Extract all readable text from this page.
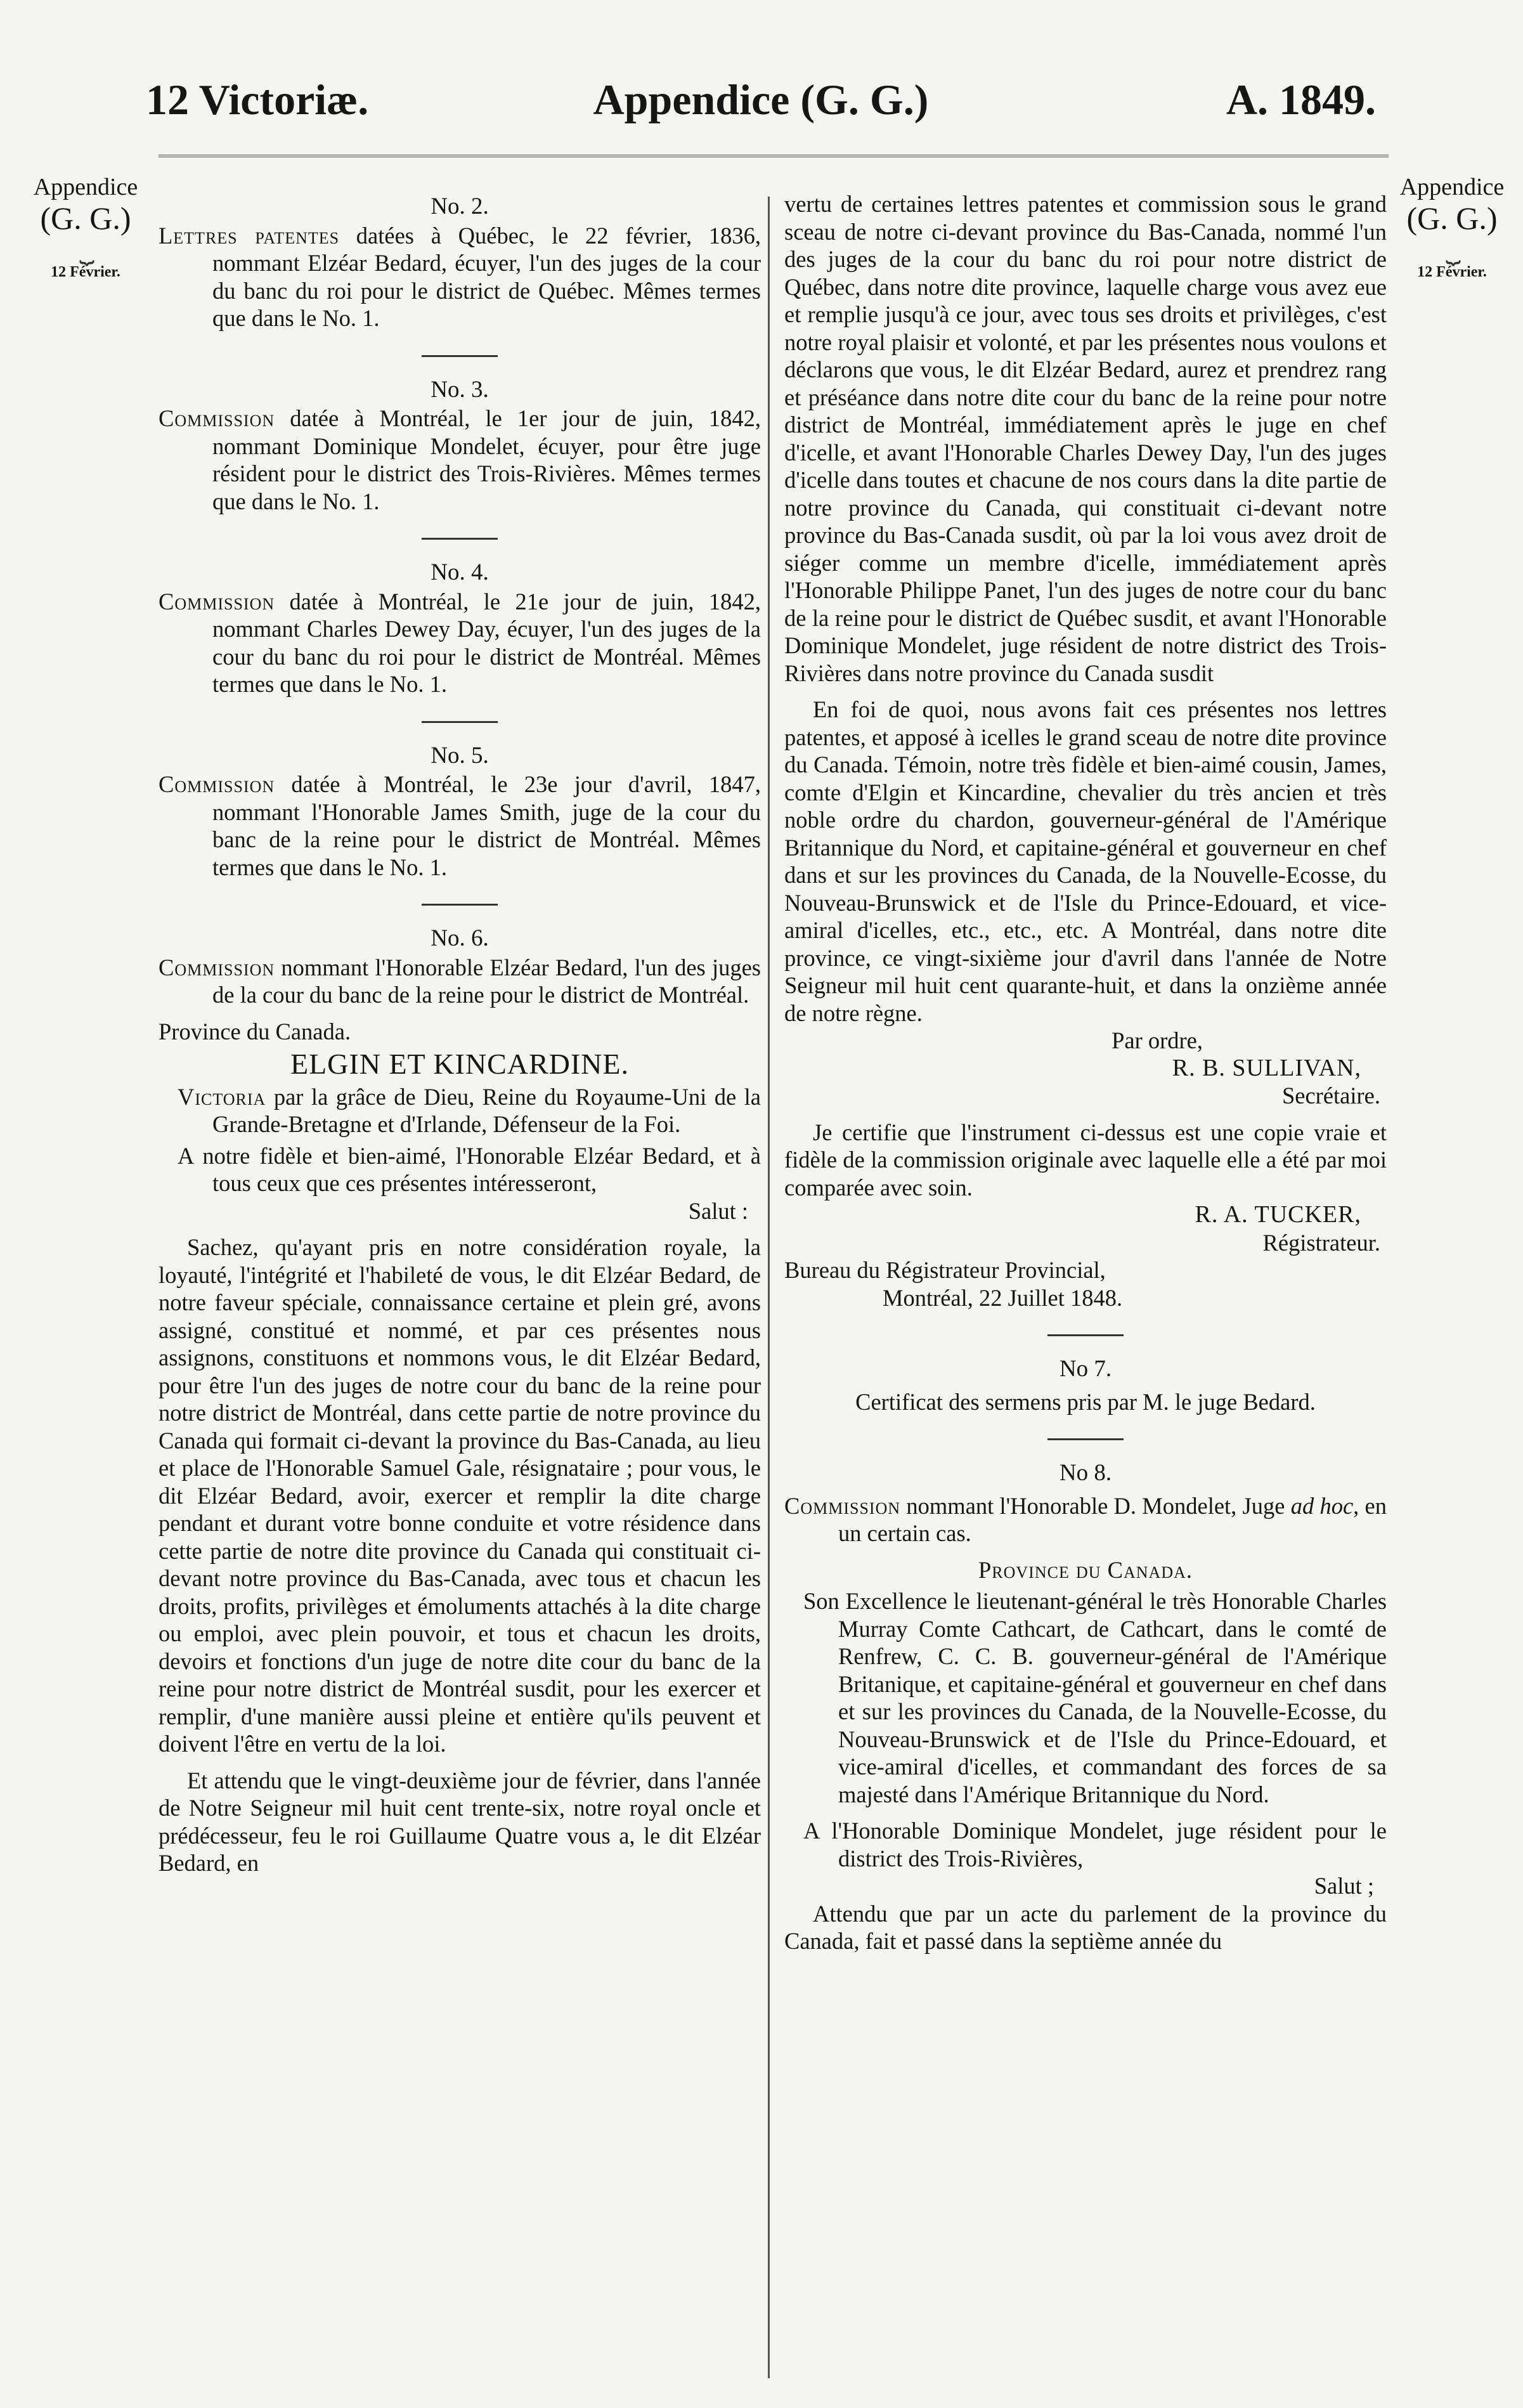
12 Victoriæ.	Appendice (G. G.)	A. 1849.
Appendice
(G. G.)
⏟
12 Février.
Appendice
(G. G.)
⏟
12 Février.

No. 2.

Lettres patentes datées à Québec, le 22 février, 1836, nommant Elzéar Bedard, écuyer, l'un des juges de la cour du banc du roi pour le district de Québec. Mêmes termes que dans le No. 1.

No. 3.

Commission datée à Montréal, le 1er jour de juin, 1842, nommant Dominique Mondelet, écuyer, pour être juge résident pour le district des Trois-Rivières. Mêmes termes que dans le No. 1.

No. 4.

Commission datée à Montréal, le 21e jour de juin, 1842, nommant Charles Dewey Day, écuyer, l'un des juges de la cour du banc du roi pour le district de Montréal. Mêmes termes que dans le No. 1.

No. 5.

Commission datée à Montréal, le 23e jour d'avril, 1847, nommant l'Honorable James Smith, juge de la cour du banc de la reine pour le district de Montréal. Mêmes termes que dans le No. 1.

No. 6.

Commission nommant l'Honorable Elzéar Bedard, l'un des juges de la cour du banc de la reine pour le district de Montréal.

Province du Canada.

ELGIN ET KINCARDINE.

Victoria par la grâce de Dieu, Reine du Royaume-Uni de la Grande-Bretagne et d'Irlande, Défenseur de la Foi.

A notre fidèle et bien-aimé, l'Honorable Elzéar Bedard, et à tous ceux que ces présentes intéresseront,

Salut :

Sachez, qu'ayant pris en notre considération royale, la loyauté, l'intégrité et l'habileté de vous, le dit Elzéar Bedard, de notre faveur spéciale, connaissance certaine et plein gré, avons assigné, constitué et nommé, et par ces présentes nous assignons, constituons et nommons vous, le dit Elzéar Bedard, pour être l'un des juges de notre cour du banc de la reine pour notre district de Montréal, dans cette partie de notre province du Canada qui formait ci-devant la province du Bas-Canada, au lieu et place de l'Honorable Samuel Gale, résignataire ; pour vous, le dit Elzéar Bedard, avoir, exercer et remplir la dite charge pendant et durant votre bonne conduite et votre résidence dans cette partie de notre dite province du Canada qui constituait ci-devant notre province du Bas-Canada, avec tous et chacun les droits, profits, privilèges et émoluments attachés à la dite charge ou emploi, avec plein pouvoir, et tous et chacun les droits, devoirs et fonctions d'un juge de notre dite cour du banc de la reine pour notre district de Montréal susdit, pour les exercer et remplir, d'une manière aussi pleine et entière qu'ils peuvent et doivent l'être en vertu de la loi.

Et attendu que le vingt-deuxième jour de février, dans l'année de Notre Seigneur mil huit cent trente-six, notre royal oncle et prédécesseur, feu le roi Guillaume Quatre vous a, le dit Elzéar Bedard, en

vertu de certaines lettres patentes et commission sous le grand sceau de notre ci-devant province du Bas-Canada, nommé l'un des juges de la cour du banc du roi pour notre district de Québec, dans notre dite province, laquelle charge vous avez eue et remplie jusqu'à ce jour, avec tous ses droits et privilèges, c'est notre royal plaisir et volonté, et par les présentes nous voulons et déclarons que vous, le dit Elzéar Bedard, aurez et prendrez rang et préséance dans notre dite cour du banc de la reine pour notre district de Montréal, immédiatement après le juge en chef d'icelle, et avant l'Honorable Charles Dewey Day, l'un des juges d'icelle dans toutes et chacune de nos cours dans la dite partie de notre province du Canada, qui constituait ci-devant notre province du Bas-Canada susdit, où par la loi vous avez droit de siéger comme un membre d'icelle, immédiatement après l'Honorable Philippe Panet, l'un des juges de notre cour du banc de la reine pour le district de Québec susdit, et avant l'Honorable Dominique Mondelet, juge résident de notre district des Trois-Rivières dans notre province du Canada susdit

En foi de quoi, nous avons fait ces présentes nos lettres patentes, et apposé à icelles le grand sceau de notre dite province du Canada. Témoin, notre très fidèle et bien-aimé cousin, James, comte d'Elgin et Kincardine, chevalier du très ancien et très noble ordre du chardon, gouverneur-général de l'Amérique Britannique du Nord, et capitaine-général et gouverneur en chef dans et sur les provinces du Canada, de la Nouvelle-Ecosse, du Nouveau-Brunswick et de l'Isle du Prince-Edouard, et vice-amiral d'icelles, etc., etc., etc. A Montréal, dans notre dite province, ce vingt-sixième jour d'avril dans l'année de Notre Seigneur mil huit cent quarante-huit, et dans la onzième année de notre règne.

Par ordre,

R. B. SULLIVAN,

Secrétaire.

Je certifie que l'instrument ci-dessus est une copie vraie et fidèle de la commission originale avec laquelle elle a été par moi comparée avec soin.

R. A. TUCKER,

Régistrateur.

Bureau du Régistrateur Provincial,

Montréal, 22 Juillet 1848.

No 7.

Certificat des sermens pris par M. le juge Bedard.

No 8.

Commission nommant l'Honorable D. Mondelet, Juge ad hoc, en un certain cas.

Province du Canada.

Son Excellence le lieutenant-général le très Honorable Charles Murray Comte Cathcart, de Cathcart, dans le comté de Renfrew, C. C. B. gouverneur-général de l'Amérique Britanique, et capitaine-général et gouverneur en chef dans et sur les provinces du Canada, de la Nouvelle-Ecosse, du Nouveau-Brunswick et de l'Isle du Prince-Edouard, et vice-amiral d'icelles, et commandant des forces de sa majesté dans l'Amérique Britannique du Nord.

A l'Honorable Dominique Mondelet, juge résident pour le district des Trois-Rivières,

Salut ;

Attendu que par un acte du parlement de la province du Canada, fait et passé dans la septième année du
